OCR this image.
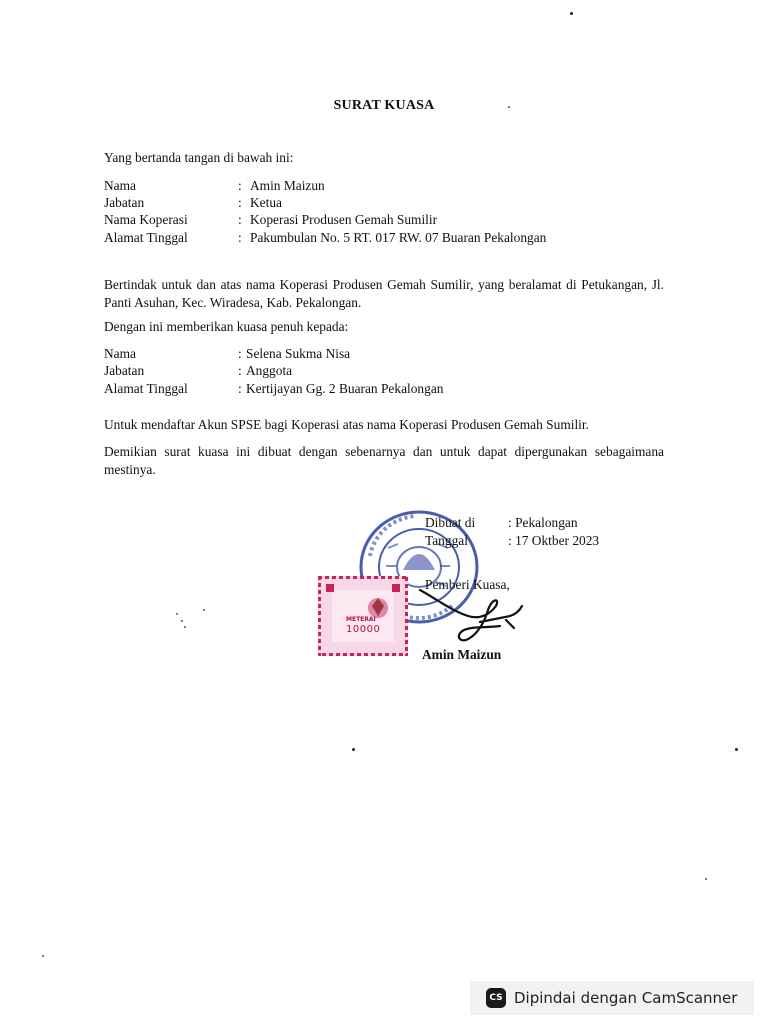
SURAT KUASA
Yang bertanda tangan di bawah ini:
Nama	: Amin Maizun
Jabatan	: Ketua
Nama Koperasi	: Koperasi Produsen Gemah Sumilir
Alamat Tinggal	: Pakumbulan No. 5 RT. 017 RW. 07 Buaran Pekalongan
Bertindak untuk dan atas nama Koperasi Produsen Gemah Sumilir, yang beralamat di Petukangan, Jl. Panti Asuhan, Kec. Wiradesa, Kab. Pekalongan.
Dengan ini memberikan kuasa penuh kepada:
Nama	: Selena Sukma Nisa
Jabatan	: Anggota
Alamat Tinggal	: Kertijayan Gg. 2 Buaran Pekalongan
Untuk mendaftar Akun SPSE bagi Koperasi atas nama Koperasi Produsen Gemah Sumilir.
Demikian surat kuasa ini dibuat dengan sebenarnya dan untuk dapat dipergunakan sebagaimana mestinya.
METERAI
10000
Dibuat di : Pekalongan
Tanggal	: 17 Oktber 2023
Pemberi Kuasa,
Amin Maizun
CS Dipindai dengan CamScanner
